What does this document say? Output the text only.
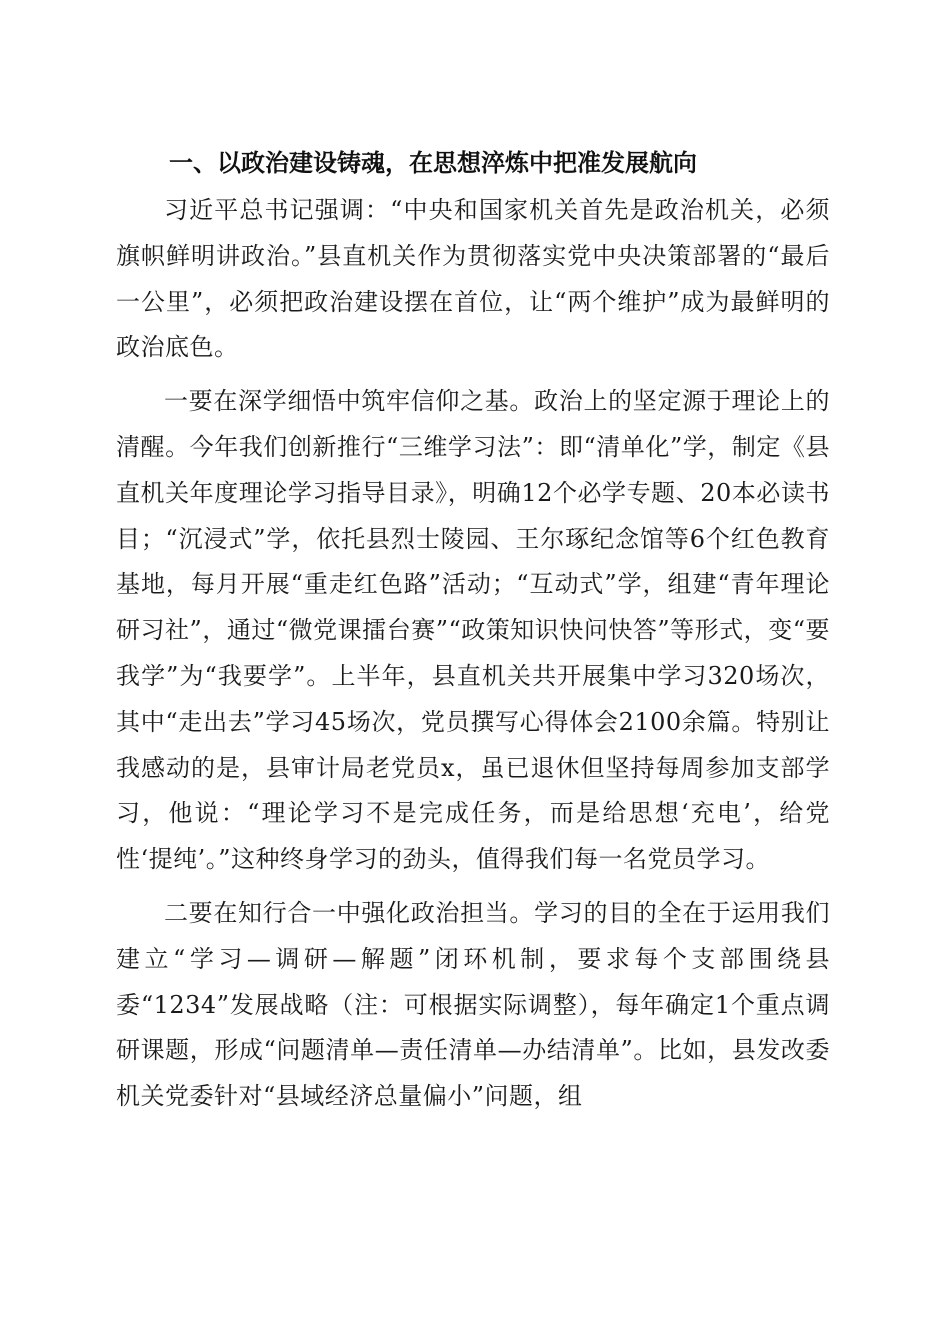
一、以政治建设铸魂，在思想淬炼中把准发展航向

习近平总书记强调：“中央和国家机关首先是政治机关，必须旗帜鲜明讲政治。”县直机关作为贯彻落实党中央决策部署的“最后一公里”，必须把政治建设摆在首位，让“两个维护”成为最鲜明的政治底色。

一要在深学细悟中筑牢信仰之基。政治上的坚定源于理论上的清醒。今年我们创新推行“三维学习法”：即“清单化”学，制定《县直机关年度理论学习指导目录》，明确12个必学专题、20本必读书目；“沉浸式”学，依托县烈士陵园、王尔琢纪念馆等6个红色教育基地，每月开展“重走红色路”活动；“互动式”学，组建“青年理论研习社”，通过“微党课擂台赛”“政策知识快问快答”等形式，变“要我学”为“我要学”。上半年，县直机关共开展集中学习320场次，其中“走出去”学习45场次，党员撰写心得体会2100余篇。特别让我感动的是，县审计局老党员x，虽已退休但坚持每周参加支部学习，他说：“理论学习不是完成任务，而是给思想‘充电’，给党性‘提纯’。”这种终身学习的劲头，值得我们每一名党员学习。

二要在知行合一中强化政治担当。学习的目的全在于运用我们建立“学习—调研—解题”闭环机制，要求每个支部围绕县委“1234”发展战略（注：可根据实际调整），每年确定1个重点调研课题，形成“问题清单—责任清单—办结清单”。比如，县发改委机关党委针对“县域经济总量偏小”问题，组
